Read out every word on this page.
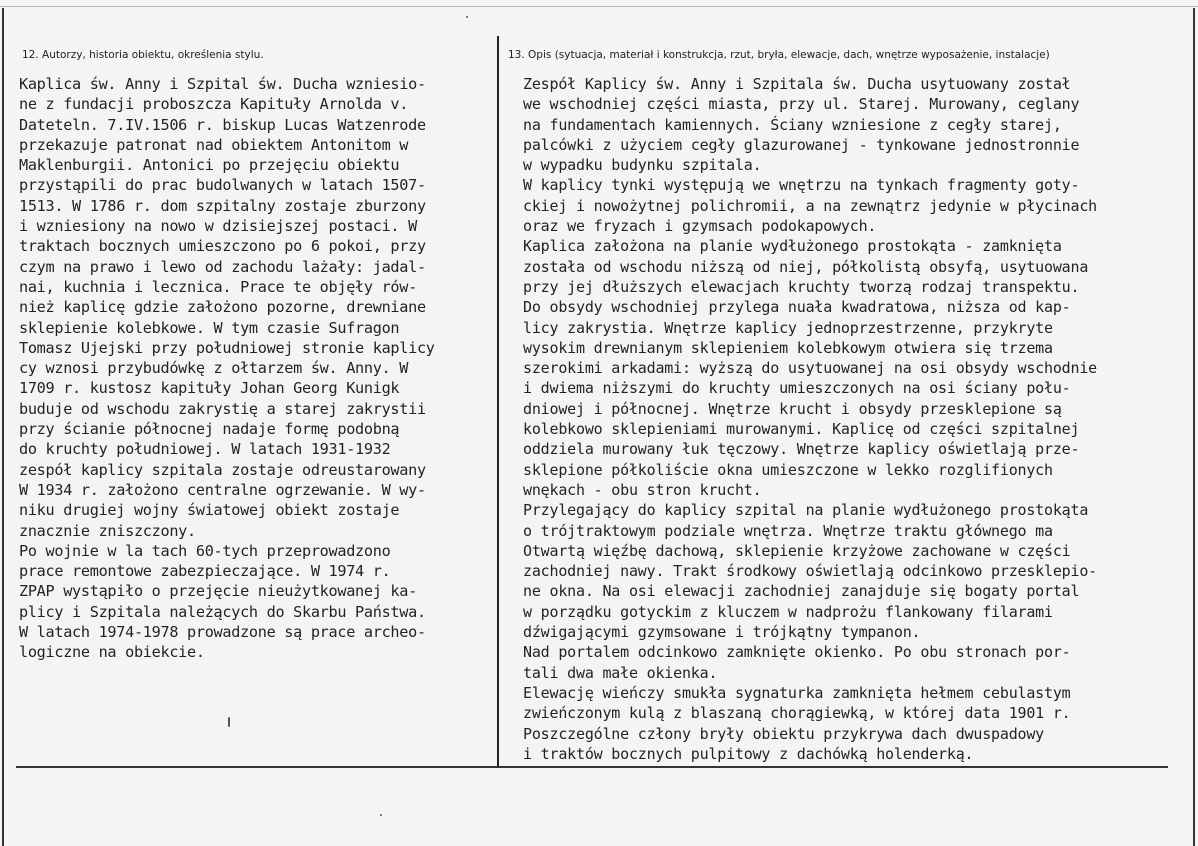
12. Autorzy, historia obiektu, określenia stylu.	13. Opis (sytuacja, materiał i konstrukcja, rzut, bryła, elewacje, dach, wnętrze wyposażenie, instalacje)
Kaplica św. Anny i Szpital św. Ducha wzniesio-
ne z fundacji proboszcza Kapituły Arnolda v.
Dateteln. 7.IV.1506 r. biskup Lucas Watzenrode
przekazuje patronat nad obiektem Antonitom w
Maklenburgii. Antonici po przejęciu obiektu
przystąpili do prac budolwanych w latach 1507-
1513. W 1786 r. dom szpitalny zostaje zburzony
i wzniesiony na nowo w dzisiejszej postaci. W
traktach bocznych umieszczono po 6 pokoi, przy
czym na prawo i lewo od zachodu lażały: jadal-
nai, kuchnia i lecznica. Prace te objęły rów-
nież kaplicę gdzie założono pozorne, drewniane
sklepienie kolebkowe. W tym czasie Sufragon
Tomasz Ujejski przy południowej stronie kaplicy
cy wznosi przybudówkę z ołtarzem św. Anny. W
1709 r. kustosz kapituły Johan Georg Kunigk
buduje od wschodu zakrystię a starej zakrystii
przy ścianie północnej nadaje formę podobną
do kruchty południowej. W latach 1931-1932
zespół kaplicy szpitala zostaje odreustarowany
W 1934 r. założono centralne ogrzewanie. W wy-
niku drugiej wojny światowej obiekt zostaje
znacznie zniszczony.
Po wojnie w la tach 60-tych przeprowadzono
prace remontowe zabezpieczające. W 1974 r.
ZPAP wystąpiło o przejęcie nieużytkowanej ka-
plicy i Szpitala należących do Skarbu Państwa.
W latach 1974-1978 prowadzone są prace archeo-
logiczne na obiekcie.
Zespół Kaplicy św. Anny i Szpitala św. Ducha usytuowany został
we wschodniej części miasta, przy ul. Starej. Murowany, ceglany
na fundamentach kamiennych. Ściany wzniesione z cegły starej,
palcówki z użyciem cegły glazurowanej - tynkowane jednostronnie
w wypadku budynku szpitala.
W kaplicy tynki występują we wnętrzu na tynkach fragmenty goty-
ckiej i nowożytnej polichromii, a na zewnątrz jedynie w płycinach
oraz we fryzach i gzymsach podokapowych.
Kaplica założona na planie wydłużonego prostokąta - zamknięta
została od wschodu niższą od niej, półkolistą obsyfą, usytuowana
przy jej dłuższych elewacjach kruchty tworzą rodzaj transpektu.
Do obsydy wschodniej przylega nuała kwadratowa, niższa od kap-
licy zakrystia. Wnętrze kaplicy jednoprzestrzenne, przykryte
wysokim drewnianym sklepieniem kolebkowym otwiera się trzema
szerokimi arkadami: wyższą do usytuowanej na osi obsydy wschodnie
i dwiema niższymi do kruchty umieszczonych na osi ściany połu-
dniowej i północnej. Wnętrze krucht i obsydy przesklepione są
kolebkowo sklepieniami murowanymi. Kaplicę od części szpitalnej
oddziela murowany łuk tęczowy. Wnętrze kaplicy oświetlają prze-
sklepione półkoliście okna umieszczone w lekko rozglifionych
wnękach - obu stron krucht.
Przylegający do kaplicy szpital na planie wydłużonego prostokąta
o trójtraktowym podziale wnętrza. Wnętrze traktu głównego ma
Otwartą więźbę dachową, sklepienie krzyżowe zachowane w części
zachodniej nawy. Trakt środkowy oświetlają odcinkowo przesklepio-
ne okna. Na osi elewacji zachodniej zanajduje się bogaty portal
w porządku gotyckim z kluczem w nadprożu flankowany filarami
dźwigającymi gzymsowane i trójkątny tympanon.
Nad portalem odcinkowo zamknięte okienko. Po obu stronach por-
tali dwa małe okienka.
Elewację wieńczy smukła sygnaturka zamknięta hełmem cebulastym
zwieńczonym kulą z blaszaną chorągiewką, w której data 1901 r.
Poszczególne człony bryły obiektu przykrywa dach dwuspadowy
i traktów bocznych pulpitowy z dachówką holenderką.
